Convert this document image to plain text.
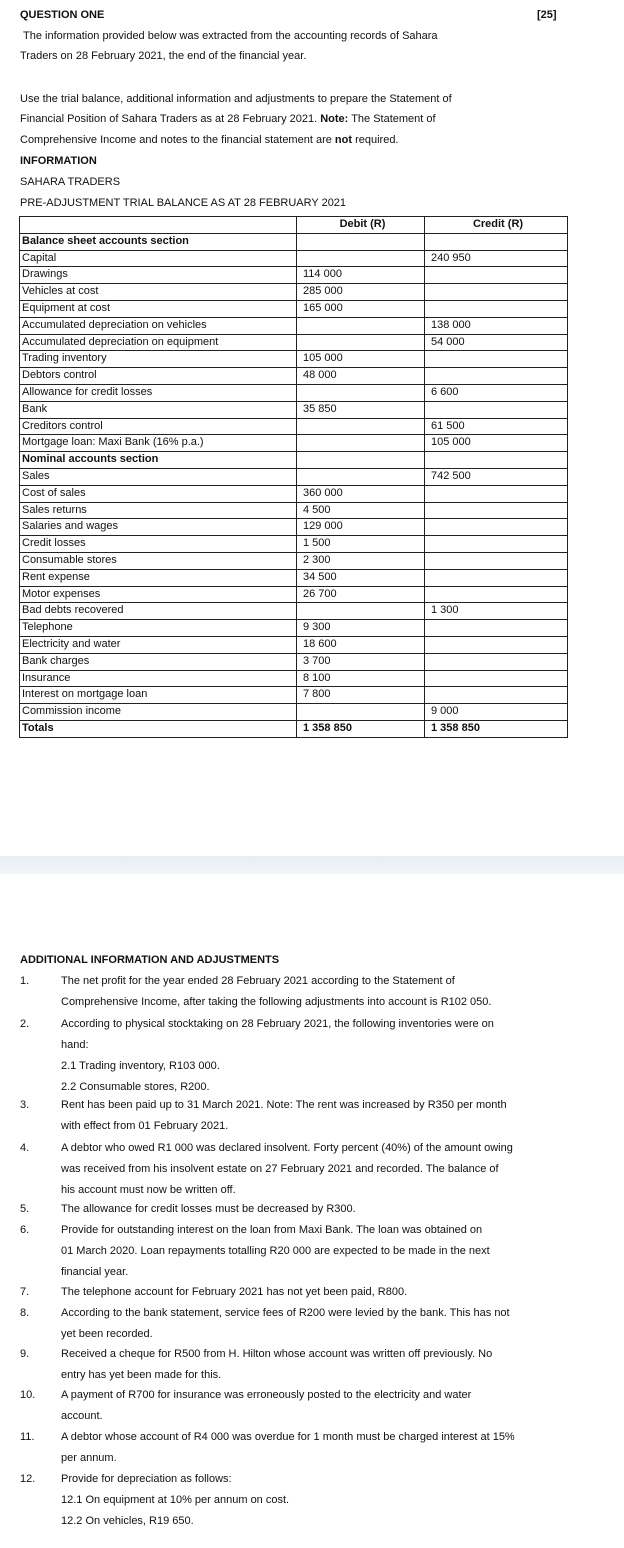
QUESTION ONE	[25]
The information provided below was extracted from the accounting records of Sahara
Traders on 28 February 2021, the end of the financial year.
Use the trial balance, additional information and adjustments to prepare the Statement of
Financial Position of Sahara Traders as at 28 February 2021. Note: The Statement of
Comprehensive Income and notes to the financial statement are not required.
INFORMATION
SAHARA TRADERS
PRE-ADJUSTMENT TRIAL BALANCE AS AT 28 FEBRUARY 2021
	Debit (R)	Credit (R)
Balance sheet accounts section		
Capital		240 950
Drawings	114 000	
Vehicles at cost	285 000	
Equipment at cost	165 000	
Accumulated depreciation on vehicles		138 000
Accumulated depreciation on equipment		54 000
Trading inventory	105 000	
Debtors control	48 000	
Allowance for credit losses		6 600
Bank	35 850	
Creditors control		61 500
Mortgage loan: Maxi Bank (16% p.a.)		105 000
Nominal accounts section		
Sales		742 500
Cost of sales	360 000	
Sales returns	4 500	
Salaries and wages	129 000	
Credit losses	1 500	
Consumable stores	2 300	
Rent expense	34 500	
Motor expenses	26 700	
Bad debts recovered		1 300
Telephone	9 300	
Electricity and water	18 600	
Bank charges	3 700	
Insurance	8 100	
Interest on mortgage loan	7 800	
Commission income		9 000
Totals	1 358 850	1 358 850
ADDITIONAL INFORMATION AND ADJUSTMENTS
1.	The net profit for the year ended 28 February 2021 according to the Statement of

Comprehensive Income, after taking the following adjustments into account is R102 050.

2.	According to physical stocktaking on 28 February 2021, the following inventories were on

hand:

2.1 Trading inventory, R103 000.

2.2 Consumable stores, R200.

3.	Rent has been paid up to 31 March 2021. Note: The rent was increased by R350 per month

with effect from 01 February 2021.

4.	A debtor who owed R1 000 was declared insolvent. Forty percent (40%) of the amount owing

was received from his insolvent estate on 27 February 2021 and recorded. The balance of

his account must now be written off.

5.	The allowance for credit losses must be decreased by R300.

6.	Provide for outstanding interest on the loan from Maxi Bank. The loan was obtained on

01 March 2020. Loan repayments totalling R20 000 are expected to be made in the next

financial year.

7.	The telephone account for February 2021 has not yet been paid, R800.

8.	According to the bank statement, service fees of R200 were levied by the bank. This has not

yet been recorded.

9.	Received a cheque for R500 from H. Hilton whose account was written off previously. No

entry has yet been made for this.

10.	A payment of R700 for insurance was erroneously posted to the electricity and water

account.

11.	A debtor whose account of R4 000 was overdue for 1 month must be charged interest at 15%

per annum.

12.	Provide for depreciation as follows:

12.1 On equipment at 10% per annum on cost.

12.2 On vehicles, R19 650.
